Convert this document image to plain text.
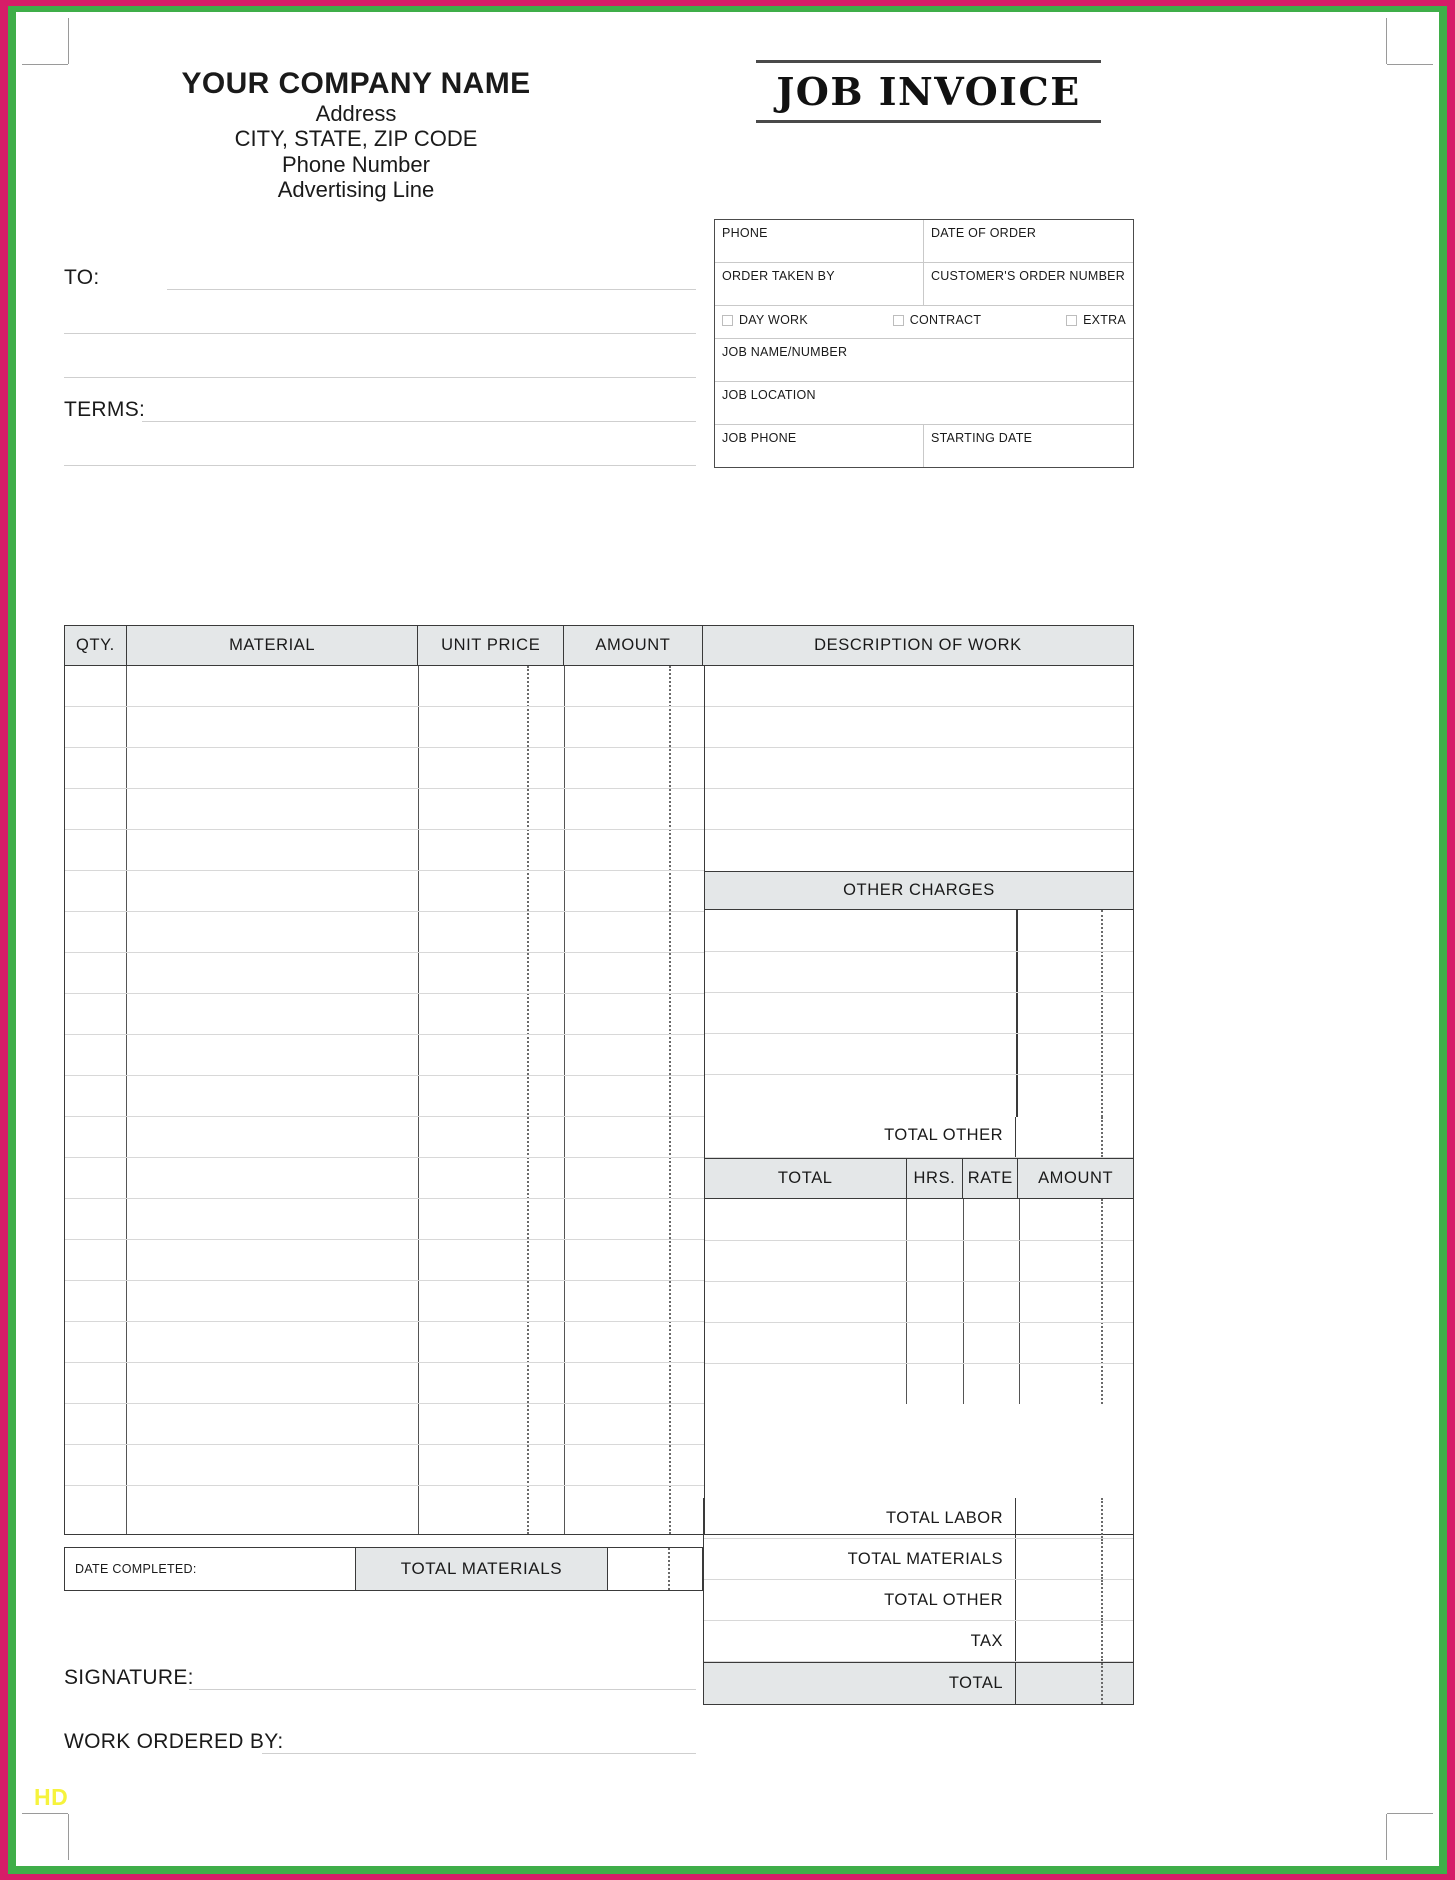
YOUR COMPANY NAME
Address
CITY, STATE, ZIP CODE
Phone Number
Advertising Line
JOB INVOICE
TO:
TERMS:
PHONE	DATE OF ORDER
ORDER TAKEN BY	CUSTOMER'S ORDER NUMBER
DAY WORK	CONTRACT	EXTRA
JOB NAME/NUMBER
JOB LOCATION
JOB PHONE	STARTING DATE
QTY.	MATERIAL	UNIT PRICE	AMOUNT	DESCRIPTION OF WORK
OTHER CHARGES
TOTAL OTHER
TOTAL	HRS. RATE	AMOUNT
DATE COMPLETED:	TOTAL MATERIALS
TOTAL LABOR
TOTAL MATERIALS
TOTAL OTHER
TAX
TOTAL
SIGNATURE:
WORK ORDERED BY:
HD
